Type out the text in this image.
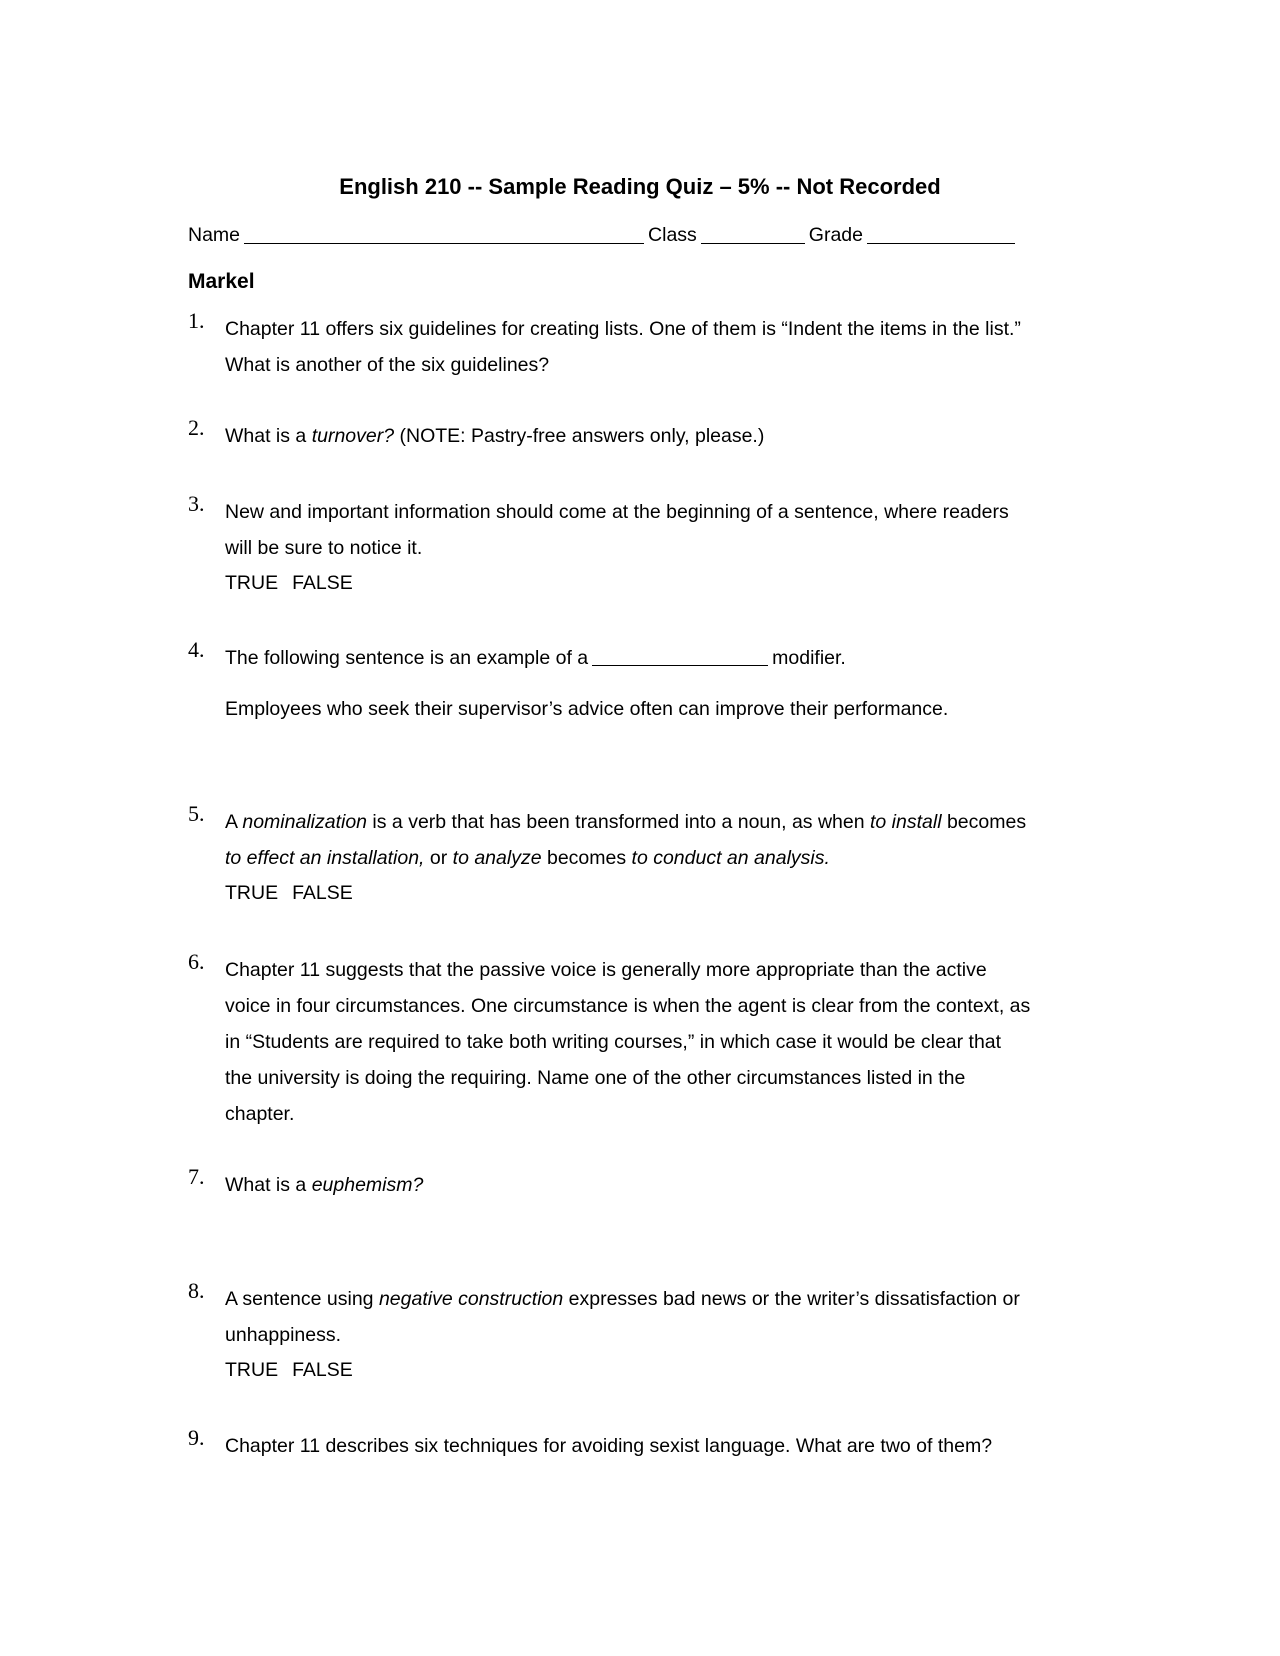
English 210 -- Sample Reading Quiz – 5% -- Not Recorded
Name	Class	Grade
Markel
1. Chapter 11 offers six guidelines for creating lists. One of them is “Indent the items in the list.”
What is another of the six guidelines?
2. What is a turnover? (NOTE: Pastry-free answers only, please.)
3. New and important information should come at the beginning of a sentence, where readers
will be sure to notice it.
TRUE FALSE
4. The following sentence is an example of a	modifier.
Employees who seek their supervisor’s advice often can improve their performance.
5. A nominalization is a verb that has been transformed into a noun, as when to install becomes
to effect an installation, or to analyze becomes to conduct an analysis.
TRUE FALSE
6. Chapter 11 suggests that the passive voice is generally more appropriate than the active
voice in four circumstances. One circumstance is when the agent is clear from the context, as
in “Students are required to take both writing courses,” in which case it would be clear that
the university is doing the requiring. Name one of the other circumstances listed in the
chapter.
7. What is a euphemism?
8. A sentence using negative construction expresses bad news or the writer’s dissatisfaction or
unhappiness.
TRUE FALSE
9. Chapter 11 describes six techniques for avoiding sexist language. What are two of them?
